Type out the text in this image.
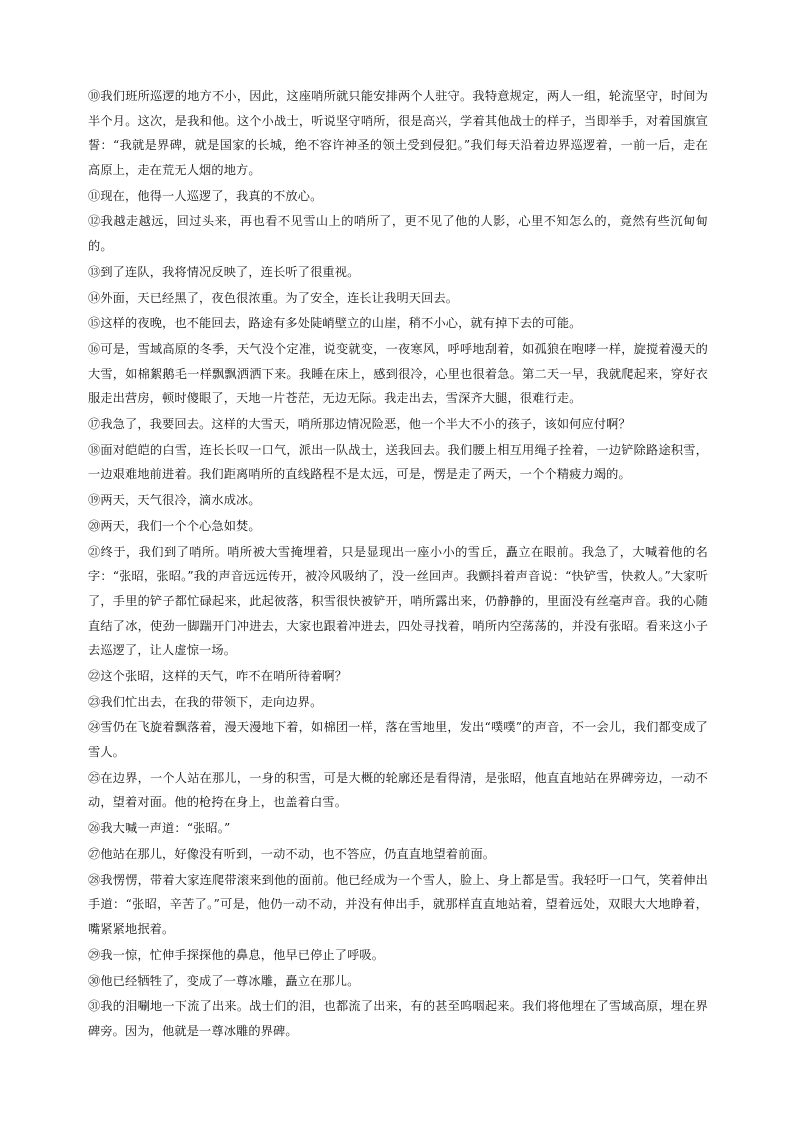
⑩我们班所巡逻的地方不小，因此，这座哨所就只能安排两个人驻守。我特意规定，两人一组，轮流坚守，时间为半个月。这次，是我和他。这个小战士，听说坚守哨所，很是高兴，学着其他战士的样子，当即举手，对着国旗宣誓：“我就是界碑，就是国家的长城，绝不容许神圣的领土受到侵犯。”我们每天沿着边界巡逻着，一前一后，走在高原上，走在荒无人烟的地方。

⑪现在，他得一人巡逻了，我真的不放心。

⑫我越走越远，回过头来，再也看不见雪山上的哨所了，更不见了他的人影，心里不知怎么的，竟然有些沉甸甸的。

⑬到了连队，我将情况反映了，连长听了很重视。

⑭外面，天已经黑了，夜色很浓重。为了安全，连长让我明天回去。

⑮这样的夜晚，也不能回去，路途有多处陡峭壁立的山崖，稍不小心，就有掉下去的可能。

⑯可是，雪域高原的冬季，天气没个定准，说变就变，一夜寒风，呼呼地刮着，如孤狼在咆哮一样，旋搅着漫天的大雪，如棉絮鹅毛一样飘飘洒洒下来。我睡在床上，感到很冷，心里也很着急。第二天一早，我就爬起来，穿好衣服走出营房，顿时傻眼了，天地一片苍茫，无边无际。我走出去，雪深齐大腿，很难行走。

⑰我急了，我要回去。这样的大雪天，哨所那边情况险恶，他一个半大不小的孩子，该如何应付啊？

⑱面对皑皑的白雪，连长长叹一口气，派出一队战士，送我回去。我们腰上相互用绳子拴着，一边铲除路途积雪，一边艰难地前进着。我们距离哨所的直线路程不是太远，可是，愣是走了两天，一个个精疲力竭的。

⑲两天，天气很冷，滴水成冰。

⑳两天，我们一个个心急如焚。

㉑终于，我们到了哨所。哨所被大雪掩埋着，只是显现出一座小小的雪丘，矗立在眼前。我急了，大喊着他的名字：“张昭，张昭。”我的声音远远传开，被冷风吸纳了，没一丝回声。我颤抖着声音说：“快铲雪，快救人。”大家听了，手里的铲子都忙碌起来，此起彼落，积雪很快被铲开，哨所露出来，仍静静的，里面没有丝毫声音。我的心随直结了冰，使劲一脚踹开门冲进去，大家也跟着冲进去，四处寻找着，哨所内空荡荡的，并没有张昭。看来这小子去巡逻了，让人虚惊一场。

㉒这个张昭，这样的天气，咋不在哨所待着啊？

㉓我们忙出去，在我的带领下，走向边界。

㉔雪仍在飞旋着飘落着，漫天漫地下着，如棉团一样，落在雪地里，发出“噗噗”的声音，不一会儿，我们都变成了雪人。

㉕在边界，一个人站在那儿，一身的积雪，可是大概的轮廓还是看得清，是张昭，他直直地站在界碑旁边，一动不动，望着对面。他的枪挎在身上，也盖着白雪。

㉖我大喊一声道：“张昭。”

㉗他站在那儿，好像没有听到，一动不动，也不答应，仍直直地望着前面。

㉘我愣愣，带着大家连爬带滚来到他的面前。他已经成为一个雪人，脸上、身上都是雪。我轻吁一口气，笑着伸出手道：“张昭，辛苦了。”可是，他仍一动不动，并没有伸出手，就那样直直地站着，望着远处，双眼大大地睁着，嘴紧紧地抿着。

㉙我一惊，忙伸手探探他的鼻息，他早已停止了呼吸。

㉚他已经牺牲了，变成了一尊冰雕，矗立在那儿。

㉛我的泪唰地一下流了出来。战士们的泪，也都流了出来，有的甚至呜咽起来。我们将他埋在了雪域高原，埋在界碑旁。因为，他就是一尊冰雕的界碑。
